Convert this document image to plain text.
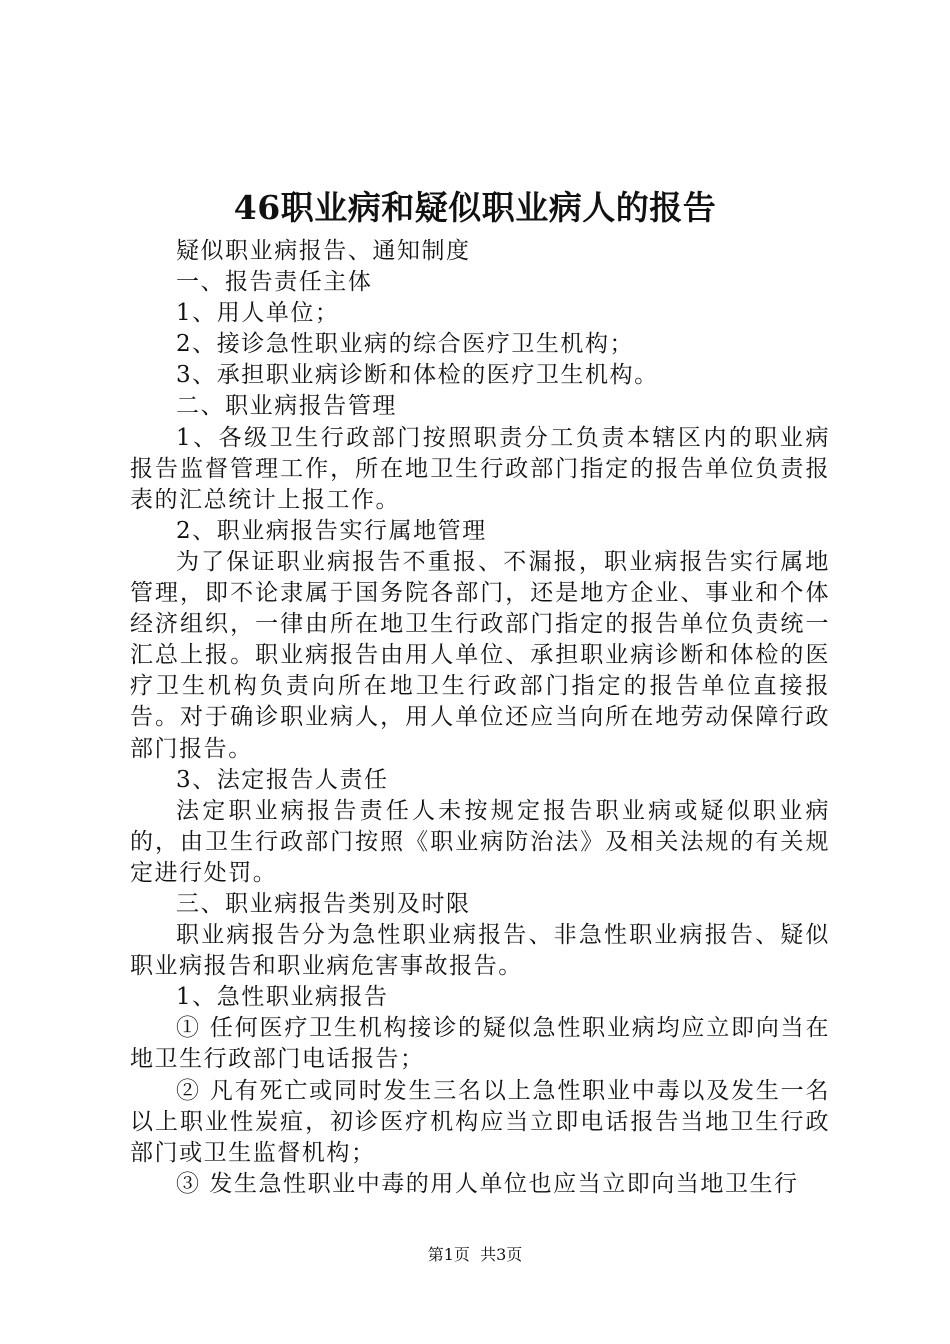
46职业病和疑似职业病人的报告

疑似职业病报告、通知制度

一、报告责任主体

1、用人单位；

2、接诊急性职业病的综合医疗卫生机构；

3、承担职业病诊断和体检的医疗卫生机构。

二、职业病报告管理

1、各级卫生行政部门按照职责分工负责本辖区内的职业病报告监督管理工作，所在地卫生行政部门指定的报告单位负责报表的汇总统计上报工作。

2、职业病报告实行属地管理

为了保证职业病报告不重报、不漏报，职业病报告实行属地管理，即不论隶属于国务院各部门，还是地方企业、事业和个体经济组织，一律由所在地卫生行政部门指定的报告单位负责统一汇总上报。职业病报告由用人单位、承担职业病诊断和体检的医疗卫生机构负责向所在地卫生行政部门指定的报告单位直接报告。对于确诊职业病人，用人单位还应当向所在地劳动保障行政部门报告。

3、法定报告人责任

法定职业病报告责任人未按规定报告职业病或疑似职业病的，由卫生行政部门按照《职业病防治法》及相关法规的有关规定进行处罚。

三、职业病报告类别及时限

职业病报告分为急性职业病报告、非急性职业病报告、疑似职业病报告和职业病危害事故报告。

1、急性职业病报告

① 任何医疗卫生机构接诊的疑似急性职业病均应立即向当在地卫生行政部门电话报告；

② 凡有死亡或同时发生三名以上急性职业中毒以及发生一名以上职业性炭疽，初诊医疗机构应当立即电话报告当地卫生行政部门或卫生监督机构；

③ 发生急性职业中毒的用人单位也应当立即向当地卫生行

第1页  共3页
